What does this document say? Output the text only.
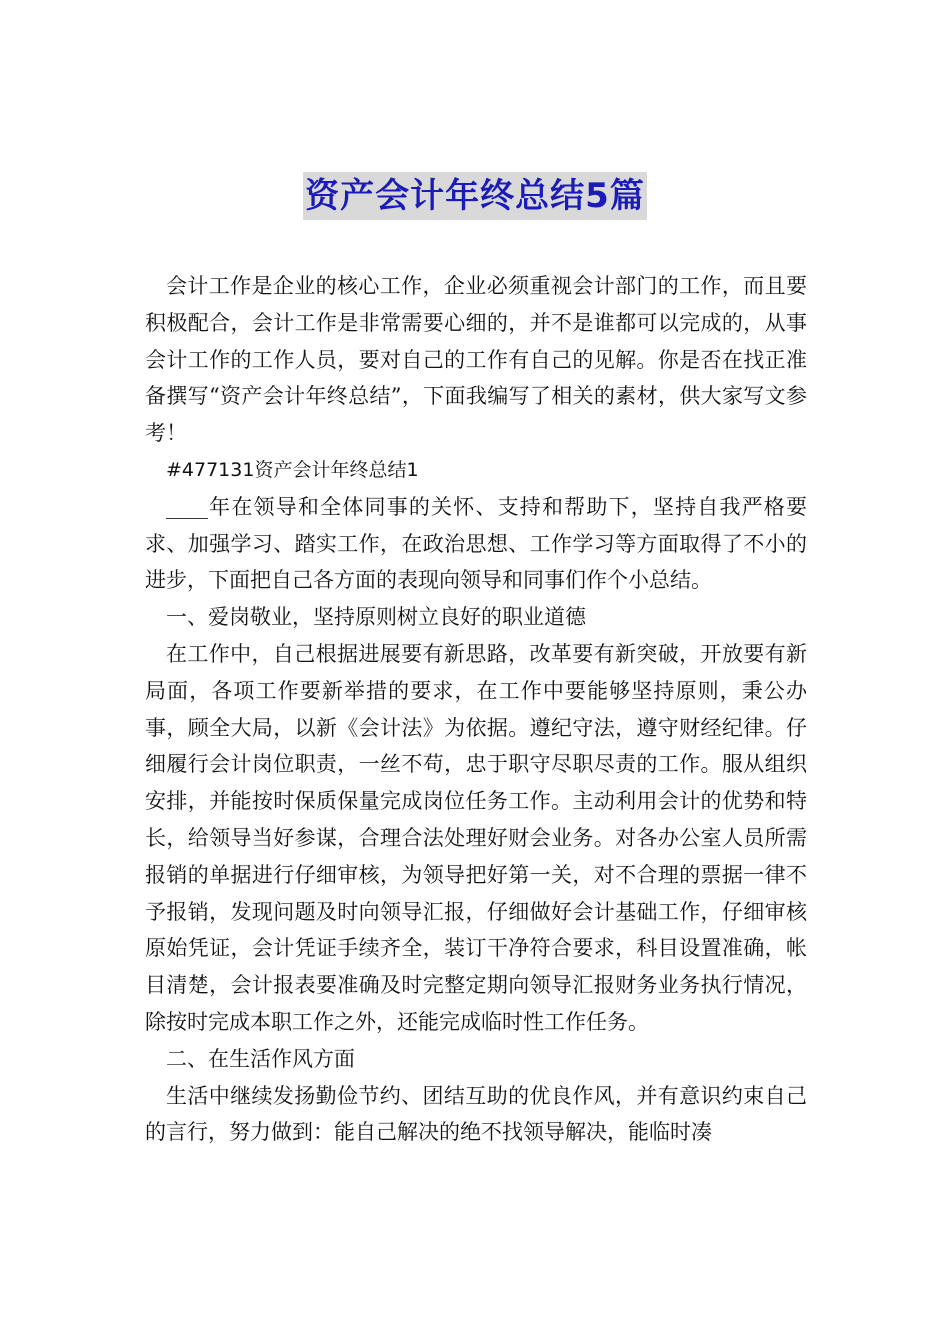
资产会计年终总结5篇

会计工作是企业的核心工作，企业必须重视会计部门的工作，而且要积极配合，会计工作是非常需要心细的，并不是谁都可以完成的，从事会计工作的工作人员，要对自己的工作有自己的见解。你是否在找正准备撰写“资产会计年终总结”，下面我编写了相关的素材，供大家写文参考！

#477131资产会计年终总结1

____年在领导和全体同事的关怀、支持和帮助下，坚持自我严格要求、加强学习、踏实工作，在政治思想、工作学习等方面取得了不小的进步，下面把自己各方面的表现向领导和同事们作个小总结。

一、爱岗敬业，坚持原则树立良好的职业道德

在工作中，自己根据进展要有新思路，改革要有新突破，开放要有新局面，各项工作要新举措的要求，在工作中要能够坚持原则，秉公办事，顾全大局，以新《会计法》为依据。遵纪守法，遵守财经纪律。仔细履行会计岗位职责，一丝不苟，忠于职守尽职尽责的工作。服从组织安排，并能按时保质保量完成岗位任务工作。主动利用会计的优势和特长，给领导当好参谋，合理合法处理好财会业务。对各办公室人员所需报销的单据进行仔细审核，为领导把好第一关，对不合理的票据一律不予报销，发现问题及时向领导汇报，仔细做好会计基础工作，仔细审核原始凭证，会计凭证手续齐全，装订干净符合要求，科目设置准确，帐目清楚，会计报表要准确及时完整定期向领导汇报财务业务执行情况，除按时完成本职工作之外，还能完成临时性工作任务。

二、在生活作风方面

生活中继续发扬勤俭节约、团结互助的优良作风，并有意识约束自己的言行，努力做到：能自己解决的绝不找领导解决，能临时凑
